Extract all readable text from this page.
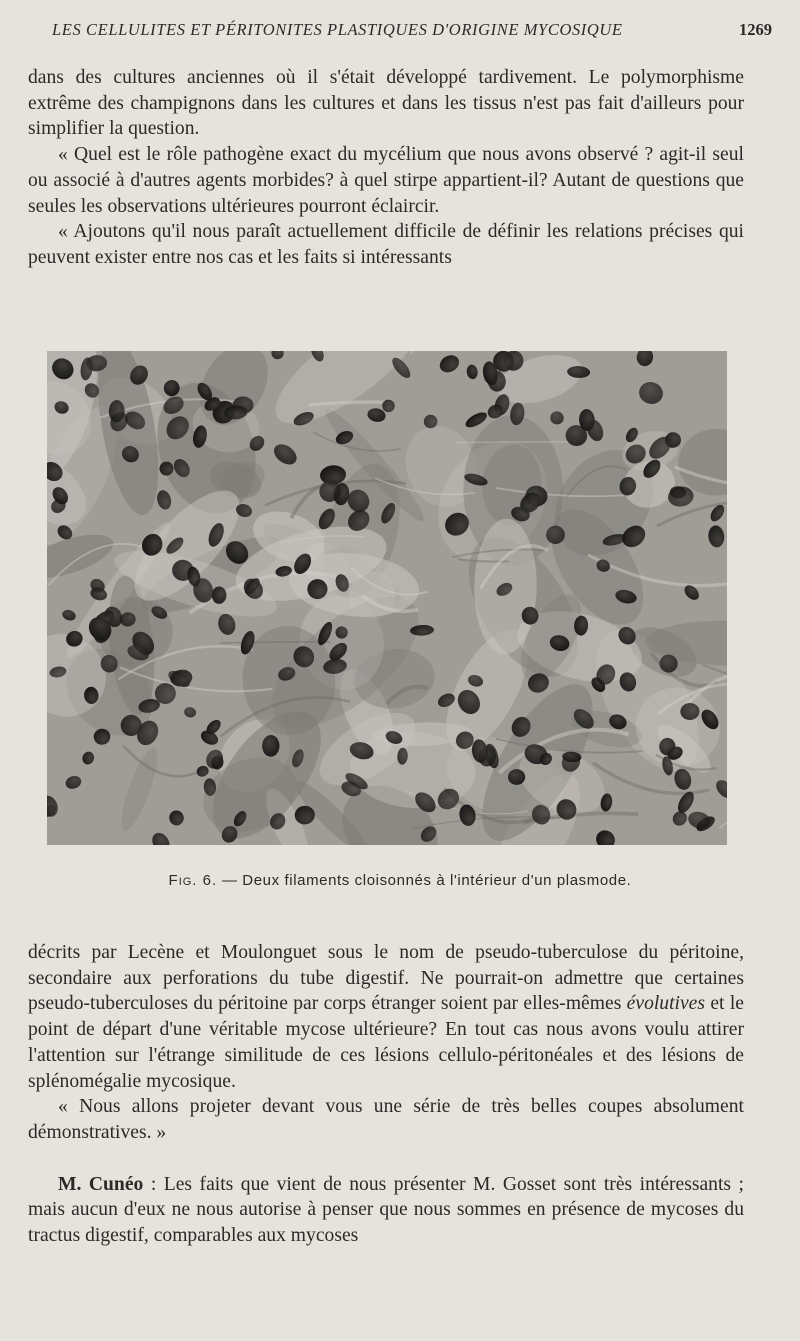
LES CELLULITES ET PÉRITONITES PLASTIQUES D'ORIGINE MYCOSIQUE	1269

dans des cultures anciennes où il s'était développé tardivement. Le polymorphisme extrême des champignons dans les cultures et dans les tissus n'est pas fait d'ailleurs pour simplifier la question.

« Quel est le rôle pathogène exact du mycélium que nous avons observé ? agit-il seul ou associé à d'autres agents morbides? à quel stirpe appartient-il? Autant de questions que seules les observations ultérieures pourront éclaircir.

« Ajoutons qu'il nous paraît actuellement difficile de définir les relations précises qui peuvent exister entre nos cas et les faits si intéressants

Fig. 6. — Deux filaments cloisonnés à l'intérieur d'un plasmode.

décrits par Lecène et Moulonguet sous le nom de pseudo-tuberculose du péritoine, secondaire aux perforations du tube digestif. Ne pourrait-on admettre que certaines pseudo-tuberculoses du péritoine par corps étranger soient par elles-mêmes évolutives et le point de départ d'une véritable mycose ultérieure? En tout cas nous avons voulu attirer l'attention sur l'étrange similitude de ces lésions cellulo-péritonéales et des lésions de splénomégalie mycosique.

« Nous allons projeter devant vous une série de très belles coupes absolument démonstratives. »

M. Cunéo : Les faits que vient de nous présenter M. Gosset sont très intéressants ; mais aucun d'eux ne nous autorise à penser que nous sommes en présence de mycoses du tractus digestif, comparables aux mycoses
